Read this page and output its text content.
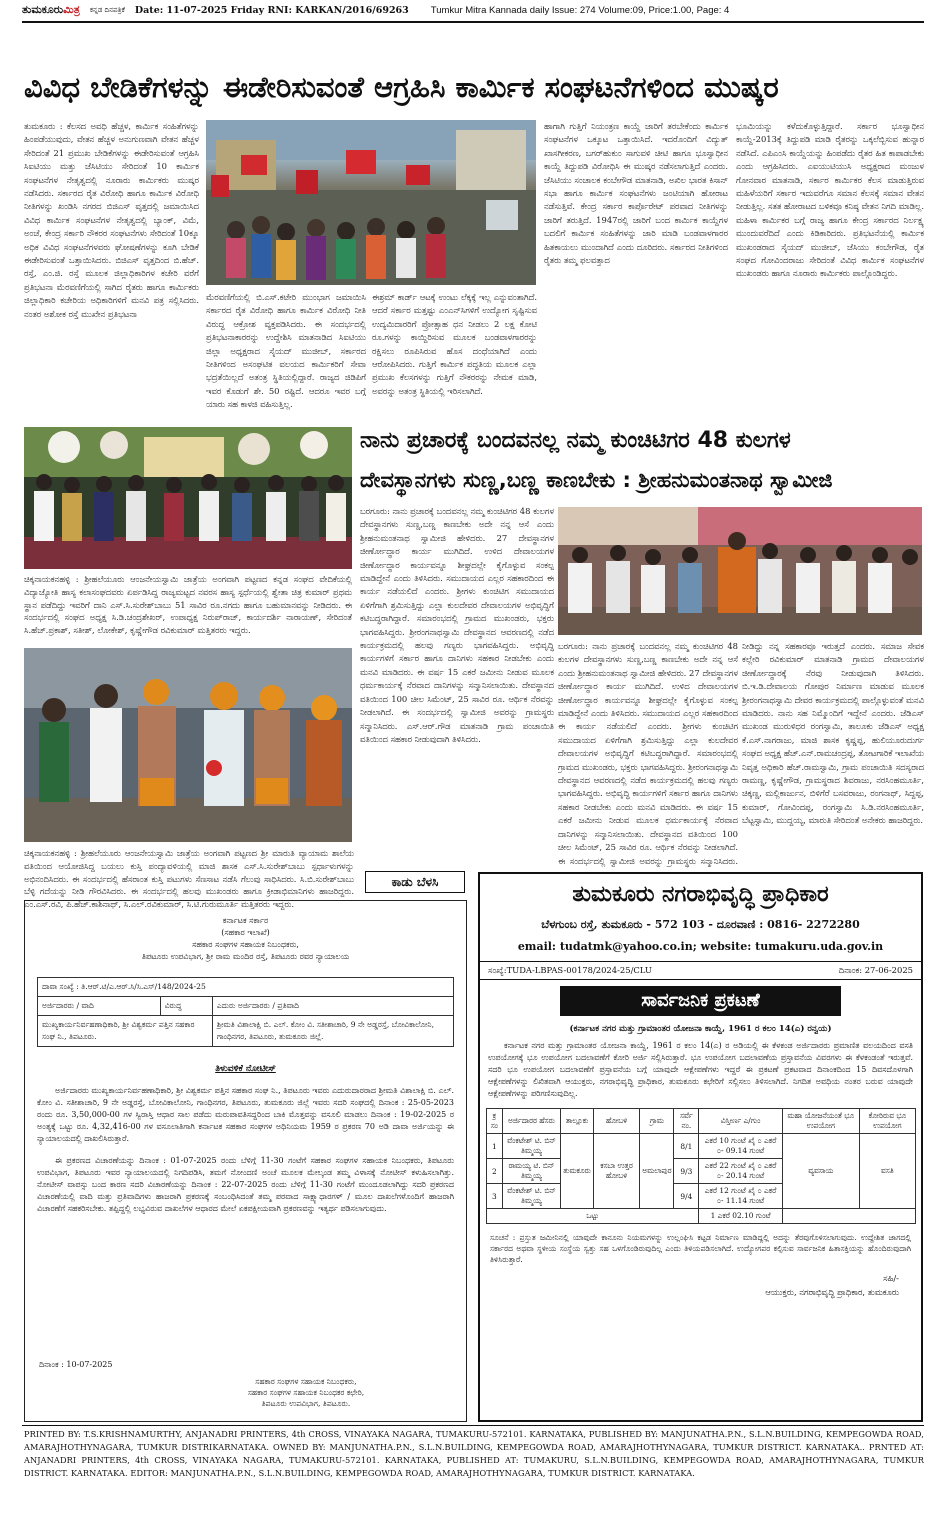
ತುಮಕೂರುಮಿತ್ರ ಕನ್ನಡ ದಿನಪತ್ರಿಕೆ Date: 11-07-2025 Friday RNI: KARKAN/2016/69263 Tumkur Mitra Kannada daily Issue: 274 Volume:09, Price:1.00, Page: 4
ವಿವಿಧ ಬೇಡಿಕೆಗಳನ್ನು ಈಡೇರಿಸುವಂತೆ ಆಗ್ರಹಿಸಿ ಕಾರ್ಮಿಕ ಸಂಘಟನೆಗಳಿಂದ ಮುಷ್ಕರ
ತುಮಕೂರು : ಕೆಲಸದ ಅವಧಿ ಹೆಚ್ಚಳ, ಕಾರ್ಮಿಕ ಸಂಹಿತೆಗಳನ್ನು ಹಿಂಪಡೆಯುವುದು, ವೇತನ ಹೆಚ್ಚಳ ಅನುಗುಣವಾಗಿ ವೇತನ ಹೆಚ್ಚಳ ಸೇರಿದಂತೆ 21 ಪ್ರಮುಖ ಬೇಡಿಕೆಗಳನ್ನು ಈಡೇರಿಸುವಂತೆ ಆಗ್ರಹಿಸಿ ಸಿಐಟಿಯು ಮತ್ತು ಜೆಸಿಟಿಯು ಸೇರಿದಂತೆ 10 ಕಾರ್ಮಿಕ ಸಂಘಟನೆಗಳ ನೇತೃತ್ವದಲ್ಲಿ ನೂರಾರು ಕಾರ್ಮಿಕರು ಮುಷ್ಕರ ನಡೆಸಿದರು. ಸರ್ಕಾರದ ರೈತ ವಿರೋಧಿ ಹಾಗೂ ಕಾರ್ಮಿಕ ವಿರೋಧಿ ನೀತಿಗಳನ್ನು ಖಂಡಿಸಿ ನಗರದ ಬಿಜಿಎಸ್ ವೃತ್ತದಲ್ಲಿ ಜಮಾಯಿಸಿದ ವಿವಿಧ ಕಾರ್ಮಿಕ ಸಂಘಟನೆಗಳ ನೇತೃತ್ವದಲ್ಲಿ ಬ್ಯಾಂಕ್, ವಿಮೆ, ಅಂಚೆ, ಕೇಂದ್ರ ಸರ್ಕಾರಿ ನೌಕರರ ಸಂಘಟನೆಗಳು ಸೇರಿದಂತೆ 10ಕ್ಕೂ ಅಧಿಕ ವಿವಿಧ ಸಂಘಟನೆಗಳವರು ಘೋಷಣೆಗಳನ್ನು ಕೂಗಿ ಬೇಡಿಕೆ ಈಡೇರಿಸುವಂತೆ ಒತ್ತಾಯಿಸಿದರು. ಬಿಜಿಎಸ್ ವೃತ್ತದಿಂದ ಬಿ.ಹೆಚ್. ರಸ್ತೆ, ಎಂ.ಜಿ. ರಸ್ತೆ ಮೂಲಕ ಜಿಲ್ಲಾಧಿಕಾರಿಗಳ ಕಚೇರಿ ವರೆಗೆ ಪ್ರತಿಭಟನಾ ಮೆರವಣಿಗೆಯಲ್ಲಿ ಸಾಗಿದ ರೈತರು ಹಾಗೂ ಕಾರ್ಮಿಕರು ಜಿಲ್ಲಾಧಿಕಾರಿ ಕಚೇರಿಯ ಅಧಿಕಾರಿಗಳಿಗೆ ಮನವಿ ಪತ್ರ ಸಲ್ಲಿಸಿದರು. ನಂತರ ಅಶೋಕ ರಸ್ತೆ ಮುಖೇನ ಪ್ರತಿಭಟನಾ
ಮೆರವಣಿಗೆಯಲ್ಲಿ ಬಿ.ಎಸ್.ಕಟೇರಿ ಮುಂಭಾಗ ಜಮಾಯಿಸಿ ಸರ್ಕಾರದ ರೈತ ವಿರೋಧಿ ಹಾಗೂ ಕಾರ್ಮಿಕ ವಿರೋಧಿ ನೀತಿ ವಿರುದ್ಧ ಆಕ್ರೋಶ ವ್ಯಕ್ತಪಡಿಸಿದರು. ಈ ಸಂದರ್ಭದಲ್ಲಿ ಪ್ರತಿಭಟನಾಕಾರರನ್ನು ಉದ್ದೇಶಿಸಿ ಮಾತನಾಡಿದ ಸಿಐಟಿಯು ಜಿಲ್ಲಾ ಅಧ್ಯಕ್ಷರಾದ ಸೈಯದ್ ಮುಜೀಬ್, ಸರ್ಕಾರದ ನೀತಿಗಳಿಂದ ಅಸಂಘಟಿತ ವಲಯದ ಕಾರ್ಮಿಕರಿಗೆ ಸೇವಾ ಭದ್ರತೆಯಿಲ್ಲದೆ ಅತಂತ್ರ ಸ್ಥಿತಿಯಲ್ಲಿದ್ದಾರೆ. ರಾಜ್ಯದ ಜಿಡಿಪಿಗೆ ಇವರ ಕೊಡುಗೆ ಶೇ. 50 ರಷ್ಟಿದೆ. ಆದರೂ ಇವರ ಬಗ್ಗೆ ಯಾರು ಸಹ ಕಾಳಜಿ ವಹಿಸುತ್ತಿಲ್ಲ.
ಈಶ್ರಮ್ ಕಾರ್ಡ್ ಆಟಕ್ಕೆ ಉಂಟು ಲೆಕ್ಕಕ್ಕೆ ಇಲ್ಲ ಎನ್ನುವಂತಾಗಿದೆ. ಆದರೆ ಸರ್ಕಾರ ಮತ್ತಷ್ಟು ಎಂಎನ್‌ಸಿಗಳಿಗೆ ಉದ್ಯೋಗ ಸೃಷ್ಟಿಸುವ ಉದ್ಯಮಿದಾರರಿಗೆ ಪ್ರೋತ್ಸಾಹ ಧನ ನೀಡಲು 2 ಲಕ್ಷ ಕೋಟಿ ರೂ.ಗಳನ್ನು ಕಾಯ್ದಿರಿಸುವ ಮೂಲಕ ಬಂಡವಾಳಗಾರರನ್ನು ರಕ್ಷಿಸಲು ರೂಪಿಸಿರುವ ಹೊಸ ದಂಧೆಯಾಗಿದೆ ಎಂದು ಆರೋಪಿಸಿದರು. ಗುತ್ತಿಗೆ ಕಾರ್ಮಿಕ ಪದ್ಧತಿಯ ಮೂಲಕ ಎಲ್ಲಾ ಪ್ರಮುಖ ಕೆಲಸಗಳನ್ನು ಗುತ್ತಿಗೆ ನೌಕರರನ್ನು ನೇಮಕ ಮಾಡಿ, ಅವರನ್ನು ಅತಂತ್ರ ಸ್ಥಿತಿಯಲ್ಲಿ ಇರಿಸಲಾಗಿದೆ.
ಹಾಗಾಗಿ ಗುತ್ತಿಗೆ ನಿಯಂತ್ರಣ ಕಾಯ್ದೆ ಜಾರಿಗೆ ತರಬೇಕೆಂದು ಕಾರ್ಮಿಕ ಸಂಘಟನೆಗಳ ಒಕ್ಕೂಟ ಒತ್ತಾಯಿಸಿದೆ. ಇದರೊಂದಿಗೆ ವಿದ್ಯುತ್ ಖಾಸಗೀಕರಣ, ಬಗರ್‌ಹುಕುಂ ಸಾಗುವಳಿ ಚೀಟಿ ಹಾಗೂ ಭೂಸ್ವಾಧೀನ ಕಾಯ್ದೆ ತಿದ್ದುಪಡಿ ವಿರೋಧಿಸಿ ಈ ಮುಷ್ಕರ ನಡೆಸಲಾಗುತ್ತಿದೆ ಎಂದರು. ಜೆಸಿಟಿಯು ಸಂಚಾಲಕ ಕಂಬೇಗೌಡ ಮಾತನಾಡಿ, ಅಖಿಲ ಭಾರತ ಕಿಸಾನ್ ಸಭಾ ಹಾಗೂ ಕಾರ್ಮಿಕ ಸಂಘಟನೆಗಳು ಜಂಟಿಯಾಗಿ ಹೋರಾಟ ನಡೆಸುತ್ತಿವೆ. ಕೇಂದ್ರ ಸರ್ಕಾರ ಕಾರ್ಪೊರೇಟ್ ಪರವಾದ ನೀತಿಗಳನ್ನು ಜಾರಿಗೆ ತರುತ್ತಿದೆ. 1947ರಲ್ಲಿ ಜಾರಿಗೆ ಬಂದ ಕಾರ್ಮಿಕ ಕಾಯ್ದೆಗಳ ಬದಲಿಗೆ ಕಾರ್ಮಿಕ ಸಂಹಿತೆಗಳನ್ನು ಜಾರಿ ಮಾಡಿ ಬಂಡವಾಳಗಾರರ ಹಿತಕಾಯಲು ಮುಂದಾಗಿದೆ ಎಂದು ದೂರಿದರು. ಸರ್ಕಾರದ ನೀತಿಗಳಿಂದ ರೈತರು ತಮ್ಮ ಫಲವತ್ತಾದ
ಭೂಮಿಯನ್ನು ಕಳೆದುಕೊಳ್ಳುತ್ತಿದ್ದಾರೆ. ಸರ್ಕಾರ ಭೂಸ್ವಾಧೀನ ಕಾಯ್ದೆ-2013ಕ್ಕೆ ತಿದ್ದುಪಡಿ ಮಾಡಿ ರೈತರನ್ನು ಒಕ್ಕಲೆಬ್ಬಿಸುವ ಹುನ್ನಾರ ನಡೆಸಿದೆ. ಎಪಿಎಂಸಿ ಕಾಯ್ದೆಯನ್ನು ಹಿಂಪಡೆದು ರೈತರ ಹಿತ ಕಾಪಾಡಬೇಕು ಎಂದು ಆಗ್ರಹಿಸಿದರು. ಎಐಯುಟಿಯುಸಿ ಅಧ್ಯಕ್ಷರಾದ ಮಂಜುಳ ಗೋನವಾರ ಮಾತನಾಡಿ, ಸರ್ಕಾರ ಕಾರ್ಮಿಕರ ಕೆಲಸ ಮಾಡುತ್ತಿರುವ ಮಹಿಳೆಯರಿಗೆ ಸರ್ಕಾರ ಇದುವರೆಗೂ ಸಮಾನ ಕೆಲಸಕ್ಕೆ ಸಮಾನ ವೇತನ ನೀಡುತ್ತಿಲ್ಲ. ಸತತ ಹೋರಾಟದ ಬಳಿಕವೂ ಕನಿಷ್ಠ ವೇತನ ನಿಗದಿ ಮಾಡಿಲ್ಲ. ಮಹಿಳಾ ಕಾರ್ಮಿಕರ ಬಗ್ಗೆ ರಾಜ್ಯ ಹಾಗೂ ಕೇಂದ್ರ ಸರ್ಕಾರದ ನಿರ್ಲಕ್ಷ್ಯ ಮುಂದುವರೆದಿದೆ ಎಂದು ಕಿಡಿಕಾರಿದರು. ಪ್ರತಿಭಟನೆಯಲ್ಲಿ ಕಾರ್ಮಿಕ ಮುಖಂಡರಾದ ಸೈಯದ್ ಮುಜೀಬ್, ಜೆಸಿಯು ಕಂಬೇಗೌಡ, ರೈತ ಸಂಘದ ಗೋವಿಂದರಾಜು ಸೇರಿದಂತೆ ವಿವಿಧ ಕಾರ್ಮಿಕ ಸಂಘಟನೆಗಳ ಮುಖಂಡರು ಹಾಗೂ ನೂರಾರು ಕಾರ್ಮಿಕರು ಪಾಲ್ಗೊಂಡಿದ್ದರು.
ಚಿಕ್ಕನಾಯಕನಹಳ್ಳಿ : ಶ್ರೀಹಲೆಯೂರು ಆಂಜನೇಯಸ್ವಾಮಿ ಜಾತ್ರೆಯ ಅಂಗವಾಗಿ ಪಟ್ಟಣದ ಕನ್ನಡ ಸಂಘದ ವೇದಿಕೆಯಲ್ಲಿ ವಿದ್ಯಾಜ್ಯೋತಿ ಹಾಸ್ಯ ಕಲಾಸಂಘದವರು ಏರ್ಪಡಿಸಿದ್ದ ರಾಜ್ಯಮಟ್ಟದ ನವರಸ ಹಾಸ್ಯ ಸ್ಪರ್ಧೆಯಲ್ಲಿ ಶ್ವೇತಾ ಚಿತ್ರ ಕುಮಾರ್ ಪ್ರಥಮ ಸ್ಥಾನ ಪಡೆದಿದ್ದು ಇವರಿಗೆ ದಾನಿ ಎಸ್.ಸಿ.ಸುರೇಶ್‌ಬಾಬು 51 ಸಾವಿರ ರೂ.ನಗದು ಹಾಗೂ ಬಹುಮಾನವನ್ನು ನೀಡಿದರು. ಈ ಸಂದರ್ಭದಲ್ಲಿ ಸಂಘದ ಅಧ್ಯಕ್ಷ ಸಿ.ಡಿ.ಚಂದ್ರಶೇಖರ್, ಉಪಾಧ್ಯಕ್ಷ ನಿರುಪ್‌ರಾಜ್, ಕಾರ್ಯದರ್ಶಿ ನಾರಾಯಣ್, ಸೇರಿದಂತೆ ಸಿ.ಹೆಚ್.ಪ್ರಕಾಶ್, ಸತೀಶ್, ಲೋಕೇಶ್, ಕೃಷ್ಣೇಗೌಡ ರವಿಕುಮಾರ್ ಮತ್ತಿತರರು ಇದ್ದರು.
ಚಿಕ್ಕನಾಯಕನಹಳ್ಳಿ : ಶ್ರೀಹಲೆಯೂರು ಆಂಜನೇಯಸ್ವಾಮಿ ಜಾತ್ರೆಯ ಅಂಗವಾಗಿ ಪಟ್ಟಣದ ಶ್ರೀ ಮಾರುತಿ ವ್ಯಾಯಾಮ ಶಾಲೆಯ ವತಿಯಿಂದ ಆಯೋಜಿಸಿದ್ದ ಬಯಲು ಕುಸ್ತಿ ಪಂದ್ಯಾವಳಿಯಲ್ಲಿ ಮಾಜಿ ಶಾಸಕ ಎಸ್.ಸಿ.ಸುರೇಶ್‌ಬಾಬು ಸ್ಪರ್ಧಾಳುಗಳನ್ನು ಅಭಿನಂದಿಸಿದರು. ಈ ಸಂದರ್ಭದಲ್ಲಿ ಹೆಸರಾಂತ ಕುಸ್ತಿ ಪಟುಗಳು ಸೆಣಸಾಟ ನಡೆಸಿ ಗೆಲುವು ಸಾಧಿಸಿದರು. ಸಿ.ಬಿ.ಸುರೇಶ್‌ಬಾಬು ಬೆಳ್ಳಿ ಗದೆಯನ್ನು ನೀಡಿ ಗೌರವಿಸಿದರು. ಈ ಸಂದರ್ಭದಲ್ಲಿ ಹಲವು ಮುಖಂಡರು ಹಾಗೂ ಕ್ರೀಡಾಭಿಮಾನಿಗಳು ಹಾಜರಿದ್ದರು. ಎಂ.ಎಸ್.ರವಿ, ಪಿ.ಹೆಚ್.ಕಾಶಿನಾಥ್, ಸಿ.ಎಲ್.ರವಿಕುಮಾರ್, ಸಿ.ಟಿ.ಗುರುಮೂರ್ತಿ ಮತ್ತಿತರರು ಇದ್ದರು.
ನಾನು ಪ್ರಚಾರಕ್ಕೆ ಬಂದವನಲ್ಲ ನಮ್ಮ ಕುಂಚಿಟಿಗರ 48 ಕುಲಗಳ
ದೇವಸ್ಥಾನಗಳು ಸುಣ್ಣ,ಬಣ್ಣ ಕಾಣಬೇಕು : ಶ್ರೀಹನುಮಂತನಾಥ ಸ್ವಾಮೀಜಿ
ಬರಗೂರು: ನಾನು ಪ್ರಚಾರಕ್ಕೆ ಬಂದವನಲ್ಲ ನಮ್ಮ ಕುಂಚಿಟಿಗರ 48 ಕುಲಗಳ ದೇವಸ್ಥಾನಗಳು ಸುಣ್ಣ,ಬಣ್ಣ ಕಾಣಬೇಕು ಅದೇ ನನ್ನ ಆಸೆ ಎಂದು ಶ್ರೀಹನುಮಂತನಾಥ ಸ್ವಾಮೀಜಿ ಹೇಳಿದರು. 27 ದೇವಸ್ಥಾನಗಳ ಜೀರ್ಣೋದ್ಧಾರ ಕಾರ್ಯ ಮುಗಿದಿದೆ. ಉಳಿದ ದೇವಾಲಯಗಳ ಜೀರ್ಣೋದ್ಧಾರ ಕಾರ್ಯವನ್ನೂ ಶೀಘ್ರದಲ್ಲೇ ಕೈಗೊಳ್ಳುವ ಸಂಕಲ್ಪ ಮಾಡಿದ್ದೇನೆ ಎಂದು ತಿಳಿಸಿದರು. ಸಮುದಾಯದ ಎಲ್ಲರ ಸಹಕಾರದಿಂದ ಈ ಕಾರ್ಯ ನಡೆಯಲಿದೆ ಎಂದರು. ಶ್ರೀಗಳು ಕುಂಚಿಟಿಗ ಸಮುದಾಯದ ಏಳಿಗೆಗಾಗಿ ಶ್ರಮಿಸುತ್ತಿದ್ದು ಎಲ್ಲಾ ಕುಲದೇವರ ದೇವಾಲಯಗಳ ಅಭಿವೃದ್ಧಿಗೆ ಕಟಿಬದ್ಧರಾಗಿದ್ದಾರೆ. ಸಮಾರಂಭದಲ್ಲಿ ಗ್ರಾಮದ ಮುಖಂಡರು, ಭಕ್ತರು ಭಾಗವಹಿಸಿದ್ದರು. ಶ್ರೀರಂಗನಾಥಸ್ವಾಮಿ ದೇವಸ್ಥಾನದ ಆವರಣದಲ್ಲಿ ನಡೆದ ಕಾರ್ಯಕ್ರಮದಲ್ಲಿ ಹಲವು ಗಣ್ಯರು ಭಾಗವಹಿಸಿದ್ದರು. ಅಭಿವೃದ್ಧಿ ಕಾರ್ಯಗಳಿಗೆ ಸರ್ಕಾರ ಹಾಗೂ ದಾನಿಗಳು ಸಹಕಾರ ನೀಡಬೇಕು ಎಂದು ಮನವಿ ಮಾಡಿದರು. ಈ ವರ್ಷ 15 ಎಕರೆ ಜಮೀನು ನೀಡುವ ಮೂಲಕ ಧರ್ಮಕಾರ್ಯಕ್ಕೆ ನೆರವಾದ ದಾನಿಗಳನ್ನು ಸನ್ಮಾನಿಸಲಾಯಿತು. ದೇವಸ್ಥಾನದ ವತಿಯಿಂದ 100 ಚೀಲ ಸಿಮೆಂಟ್, 25 ಸಾವಿರ ರೂ. ಆರ್ಥಿಕ ನೆರವನ್ನು ನೀಡಲಾಗಿದೆ. ಈ ಸಂದರ್ಭದಲ್ಲಿ ಸ್ವಾಮೀಜಿ ಅವರನ್ನು ಗ್ರಾಮಸ್ಥರು ಸನ್ಮಾನಿಸಿದರು. ಎಸ್.ಆರ್.ಗೌಡ ಮಾತನಾಡಿ ಗ್ರಾಮ ಪಂಚಾಯಿತಿ ವತಿಯಿಂದ ಸಹಕಾರ ನೀಡುವುದಾಗಿ ತಿಳಿಸಿದರು.
ಬರಗೂರು: ನಾನು ಪ್ರಚಾರಕ್ಕೆ ಬಂದವನಲ್ಲ ನಮ್ಮ ಕುಂಚಿಟಿಗರ 48 ಕುಲಗಳ ದೇವಸ್ಥಾನಗಳು ಸುಣ್ಣ,ಬಣ್ಣ ಕಾಣಬೇಕು ಅದೇ ನನ್ನ ಆಸೆ ಎಂದು ಶ್ರೀಹನುಮಂತನಾಥ ಸ್ವಾಮೀಜಿ ಹೇಳಿದರು. 27 ದೇವಸ್ಥಾನಗಳ ಜೀರ್ಣೋದ್ಧಾರ ಕಾರ್ಯ ಮುಗಿದಿದೆ. ಉಳಿದ ದೇವಾಲಯಗಳ ಜೀರ್ಣೋದ್ಧಾರ ಕಾರ್ಯವನ್ನೂ ಶೀಘ್ರದಲ್ಲೇ ಕೈಗೊಳ್ಳುವ ಸಂಕಲ್ಪ ಮಾಡಿದ್ದೇನೆ ಎಂದು ತಿಳಿಸಿದರು. ಸಮುದಾಯದ ಎಲ್ಲರ ಸಹಕಾರದಿಂದ ಈ ಕಾರ್ಯ ನಡೆಯಲಿದೆ ಎಂದರು. ಶ್ರೀಗಳು ಕುಂಚಿಟಿಗ ಸಮುದಾಯದ ಏಳಿಗೆಗಾಗಿ ಶ್ರಮಿಸುತ್ತಿದ್ದು ಎಲ್ಲಾ ಕುಲದೇವರ ದೇವಾಲಯಗಳ ಅಭಿವೃದ್ಧಿಗೆ ಕಟಿಬದ್ಧರಾಗಿದ್ದಾರೆ. ಸಮಾರಂಭದಲ್ಲಿ ಗ್ರಾಮದ ಮುಖಂಡರು, ಭಕ್ತರು ಭಾಗವಹಿಸಿದ್ದರು. ಶ್ರೀರಂಗನಾಥಸ್ವಾಮಿ ದೇವಸ್ಥಾನದ ಆವರಣದಲ್ಲಿ ನಡೆದ ಕಾರ್ಯಕ್ರಮದಲ್ಲಿ ಹಲವು ಗಣ್ಯರು ಭಾಗವಹಿಸಿದ್ದರು. ಅಭಿವೃದ್ಧಿ ಕಾರ್ಯಗಳಿಗೆ ಸರ್ಕಾರ ಹಾಗೂ ದಾನಿಗಳು ಸಹಕಾರ ನೀಡಬೇಕು ಎಂದು ಮನವಿ ಮಾಡಿದರು. ಈ ವರ್ಷ 15 ಎಕರೆ ಜಮೀನು ನೀಡುವ ಮೂಲಕ ಧರ್ಮಕಾರ್ಯಕ್ಕೆ ನೆರವಾದ ದಾನಿಗಳನ್ನು ಸನ್ಮಾನಿಸಲಾಯಿತು. ದೇವಸ್ಥಾನದ ವತಿಯಿಂದ 100 ಚೀಲ ಸಿಮೆಂಟ್, 25 ಸಾವಿರ ರೂ. ಆರ್ಥಿಕ ನೆರವನ್ನು ನೀಡಲಾಗಿದೆ. ಈ ಸಂದರ್ಭದಲ್ಲಿ ಸ್ವಾಮೀಜಿ ಅವರನ್ನು ಗ್ರಾಮಸ್ಥರು ಸನ್ಮಾನಿಸಿದರು.
ನೀಡಿದ್ದು ನನ್ನ ಸಹಕಾರವೂ ಇರುತ್ತದೆ ಎಂದರು. ಸಮಾಜ ಸೇವಕ ಕಲ್ಲೇರಿ ರವಿಕುಮಾರ್ ಮಾತನಾಡಿ ಗ್ರಾಮದ ದೇವಾಲಯಗಳ ಜೀರ್ಣೋದ್ಧಾರಕ್ಕೆ ನೆರವು ನೀಡುವುದಾಗಿ ತಿಳಿಸಿದರು. ಬಿ.ಇ.ಡಿ.ದೇವಾಲಯ ಗೋಪುರ ನಿರ್ಮಾಣ ಮಾಡುವ ಮೂಲಕ ಶ್ರೀರಂಗನಾಥಸ್ವಾಮಿ ದೇವರ ಕಾರ್ಯಕ್ರಮದಲ್ಲಿ ಪಾಲ್ಗೊಳ್ಳುವಂತೆ ಮನವಿ ಮಾಡಿದರು. ನಾನು ಸಹ ನಿಮ್ಮೊಂದಿಗೆ ಇದ್ದೇನೆ ಎಂದರು. ಜೆಡಿಎಸ್ ಮುಖಂಡ ಮುರುಳಿಧರ ರಂಗಸ್ವಾಮಿ, ತಾಲೂಕು ಜೆಡಿಎಸ್ ಅಧ್ಯಕ್ಷ ಕೆ.ಎಸ್.ನಾಗರಾಜು, ಮಾಜಿ ಶಾಸಕ ಕೃಷ್ಣಪ್ಪ, ಹುಲಿಯೂರುದುರ್ಗ ಸಂಘದ ಅಧ್ಯಕ್ಷ ಹೆಚ್.ಎನ್.ರಾಮಚಂದ್ರಪ್ಪ, ತೋಟಗಾರಿಕೆ ಇಲಾಖೆಯ ನಿವೃತ್ತ ಅಧಿಕಾರಿ ಹೆಚ್.ರಾಮಸ್ವಾಮಿ, ಗ್ರಾಮ ಪಂಚಾಯಿತಿ ಸದಸ್ಯರಾದ ರಾಮಣ್ಣ, ಕೃಷ್ಣೇಗೌಡ, ಗ್ರಾಮಸ್ಥರಾದ ಶಿವರಾಜು, ನರಸಿಂಹಮೂರ್ತಿ, ಚಿಕ್ಕಣ್ಣ, ಮಲ್ಲಿಕಾರ್ಜುನ, ಬಿಳಿಗೆರೆ ಬಸವರಾಜು, ರಂಗನಾಥ್, ಸಿದ್ದಪ್ಪ, ಕುಮಾರ್, ಗೋವಿಂದಪ್ಪ, ರಂಗಸ್ವಾಮಿ ಸಿ.ಡಿ.ನರಸಿಂಹಮೂರ್ತಿ, ಬೆಟ್ಟಸ್ವಾಮಿ, ಮುದ್ದಯ್ಯ, ಮಾರುತಿ ಸೇರಿದಂತೆ ಅನೇಕರು ಹಾಜರಿದ್ದರು.
ಕಾಡು ಬೆಳಸಿ
ಕರ್ನಾಟಕ ಸರ್ಕಾರ
(ಸಹಕಾರ ಇಲಾಖೆ)
ಸಹಕಾರ ಸಂಘಗಳ ಸಹಾಯಕ ನಿಬಂಧಕರು,
ತಿಪಟೂರು ಉಪವಿಭಾಗ, ಶ್ರೀ ರಾಮ ಮಂದಿರ ರಸ್ತೆ, ತಿಪಟೂರು ರವರ ನ್ಯಾಯಾಲಯ
ದಾವಾ ಸಂಖ್ಯೆ : ತಿ.ಆರ್.ಟಿ/ಎ.ಆರ್.ಸಿ/ಸಿ.ಎಸ್/148/2024-25		
ಅರ್ಜಿದಾರರು / ವಾದಿ	ವಿರುದ್ಧ	ಎದುರು ಅರ್ಜಿದಾರರು / ಪ್ರತಿವಾದಿ
ಮುಖ್ಯಕಾರ್ಯನಿರ್ವಹಣಾಧಿಕಾರಿ, ಶ್ರೀ ವಿಶ್ವಕರ್ಮ ಪತ್ತಿನ ಸಹಕಾರ ಸಂಘ ನಿ., ತಿಪಟೂರು.		ಶ್ರೀಮತಿ ವಿಶಾಲಾಕ್ಷಿ ಬಿ. ಎಲ್. ಕೋಂ ವಿ. ಸತೀಶಾಚಾರಿ, 9 ನೇ ಅಡ್ಡರಸ್ತೆ, ಬೋವಿಕಾಲೋನಿ, ಗಾಂಧಿನಗರ, ತಿಪಟೂರು, ತುಮಕೂರು ಜಿಲ್ಲೆ.
ತಿಳುವಳಿಕೆ ನೋಟೀಸ್

ಅರ್ಜಿದಾರರು ಮುಖ್ಯಕಾರ್ಯನಿರ್ವಹಣಾಧಿಕಾರಿ, ಶ್ರೀ ವಿಶ್ವಕರ್ಮ ಪತ್ತಿನ ಸಹಕಾರ ಸಂಘ ನಿ., ತಿಪಟೂರು ಇವರು ಎದುರುದಾರರಾದ ಶ್ರೀಮತಿ ವಿಶಾಲಾಕ್ಷಿ ಬಿ. ಎಲ್. ಕೋಂ ವಿ. ಸತೀಶಾಚಾರಿ, 9 ನೇ ಅಡ್ಡರಸ್ತೆ, ಬೋವಿಕಾಲೋನಿ, ಗಾಂಧಿನಗರ, ತಿಪಟೂರು, ತುಮಕೂರು ಜಿಲ್ಲೆ ಇವರು ಸದರಿ ಸಂಘದಲ್ಲಿ ದಿನಾಂಕ : 25-05-2023 ರಂದು ರೂ. 3,50,000-00 ಗಳ ಸ್ವಿರಾಸ್ತಿ ಆಧಾರ ಸಾಲ ಪಡೆದು ಮರುಪಾವತಿಸದ್ದರಿಂದ ಬಾಕಿ ಮೊತ್ತವನ್ನು ವಸೂಲಿ ಮಾಡಲು ದಿನಾಂಕ : 19-02-2025 ರ ಅಂತ್ಯಕ್ಕೆ ಒಟ್ಟು ರೂ. 4,32,416-00 ಗಳ ವಸೂಲಾತಿಗಾಗಿ ಕರ್ನಾಟಕ ಸಹಕಾರ ಸಂಘಗಳ ಅಧಿನಿಯಮ 1959 ರ ಪ್ರಕರಣ 70 ಅಡಿ ದಾವಾ ಅರ್ಜಿಯನ್ನು ಈ ನ್ಯಾಯಾಲಯದಲ್ಲಿ ದಾಖಲಿಸಿರುತ್ತಾರೆ.

ಈ ಪ್ರಕರಣದ ವಿಚಾರಣೆಯನ್ನು ದಿನಾಂಕ : 01-07-2025 ರಂದು ಬೆಳಿಗ್ಗೆ 11-30 ಗಂಟೆಗೆ ಸಹಕಾರ ಸಂಘಗಳ ಸಹಾಯಕ ನಿಬಂಧಕರು, ತಿಪಟೂರು ಉಪವಿಭಾಗ, ತಿಪಟೂರು ಇವರ ನ್ಯಾಯಾಲಯದಲ್ಲಿ ನಿಗದಿಪಡಿಸಿ, ತಮಗೆ ನೋಂದಣಿ ಅಂಚೆ ಮೂಲಕ ಮೇಲ್ಕಂಡ ತಮ್ಮ ವಿಳಾಸಕ್ಕೆ ನೋಟೀಸ್ ಕಳುಹಿಸಲಾಗಿತ್ತು. ನೋಟೀಸ್ ವಾಪಸ್ಸು ಬಂದ ಕಾರಣ ಸದರಿ ವಿಚಾರಣೆಯನ್ನು ದಿನಾಂಕ : 22-07-2025 ರಂದು ಬೆಳಿಗ್ಗೆ 11-30 ಗಂಟೆಗೆ ಮುಂದೂಡಲಾಗಿದ್ದು ಸದರಿ ಪ್ರಕರಣದ ವಿಚಾರಣೆಯಲ್ಲಿ ವಾದಿ ಮತ್ತು ಪ್ರತಿವಾದಿಗಳು ಹಾಜರಾಗಿ ಪ್ರಕರಣಕ್ಕೆ ಸಂಬಂಧಿಸಿದಂತೆ ತಮ್ಮ ಪರವಾದ ಸಾಕ್ಷ್ಯಾಧಾರಗಳ್ / ಮೂಲ ದಾಖಲೆಗಳೊಂದಿಗೆ ಹಾಜರಾಗಿ ವಿಚಾರಣೆಗೆ ಸಹಕರಿಸಬೇಕು. ತಪ್ಪಿದ್ದಲ್ಲಿ ಲಭ್ಯವಿರುವ ದಾಖಲೆಗಳ ಆಧಾರದ ಮೇಲೆ ಏಕಪಕ್ಷೀಯವಾಗಿ ಪ್ರಕರಣವನ್ನು ಇತ್ಯರ್ಥ ಪಡಿಸಲಾಗುವುದು.

ದಿನಾಂಕ : 10-07-2025
ಸಹಕಾರ ಸಂಘಗಳ ಸಹಾಯಕ ನಿಬಂಧಕರು,
ಸಹಕಾರ ಸಂಘಗಳ ಸಹಾಯಕ ನಿಬಂಧಕರ ಕಛೇರಿ,
ತಿಪಟೂರು ಉಪವಿಭಾಗ, ತಿಪಟೂರು.
ತುಮಕೂರು ನಗರಾಭಿವೃದ್ಧಿ ಪ್ರಾಧಿಕಾರ
ಬೆಳಗುಂಬ ರಸ್ತೆ, ತುಮಕೂರು - 572 103 - ದೂರವಾಣಿ : 0816- 2272280
email: tudatmk@yahoo.co.in; website: tumakuru.uda.gov.in
ಸಂಖ್ಯೆ:TUDA-LBPAS-00178/2024-25/CLU	ದಿನಾಂಕ: 27-06-2025
ಸಾರ್ವಜನಿಕ ಪ್ರಕಟಣೆ
(ಕರ್ನಾಟಕ ನಗರ ಮತ್ತು ಗ್ರಾಮಾಂತರ ಯೋಜನಾ ಕಾಯ್ದೆ, 1961 ರ ಕಲಂ 14(ಎ) ರನ್ವಯ)
ಕರ್ನಾಟಕ ನಗರ ಮತ್ತು ಗ್ರಾಮಾಂತರ ಯೋಜನಾ ಕಾಯ್ದೆ, 1961 ರ ಕಲಂ 14(ಎ) ರ ಅಡಿಯಲ್ಲಿ ಈ ಕೆಳಕಂಡ ಅರ್ಜಿದಾರರು ಪ್ರಮಾಣಿತ ವಲಯದಿಂದ ವಸತಿ ಉಪಯೋಗಕ್ಕೆ ಭೂ ಉಪಯೋಗ ಬದಲಾವಣೆಗೆ ಕೋರಿ ಅರ್ಜಿ ಸಲ್ಲಿಸಿರುತ್ತಾರೆ. ಭೂ ಉಪಯೋಗ ಬದಲಾವಣೆಯ ಪ್ರಸ್ತಾವನೆಯ ವಿವರಗಳು ಈ ಕೆಳಕಂಡಂತೆ ಇರುತ್ತವೆ. ಸದರಿ ಭೂ ಉಪಯೋಗ ಬದಲಾವಣೆಗೆ ಪ್ರಸ್ತಾವನೆಯ ಬಗ್ಗೆ ಯಾವುದೇ ಆಕ್ಷೇಪಣೆಗಳು ಇದ್ದರೆ ಈ ಪ್ರಕಟಣೆ ಪ್ರಕಟವಾದ ದಿನಾಂಕದಿಂದ 15 ದಿವಸದೊಳಗಾಗಿ ಆಕ್ಷೇಪಣೆಗಳನ್ನು ಲಿಖಿತವಾಗಿ ಆಯುಕ್ತರು, ನಗರಾಭಿವೃದ್ಧಿ ಪ್ರಾಧಿಕಾರ, ತುಮಕೂರು ಕಛೇರಿಗೆ ಸಲ್ಲಿಸಲು ತಿಳಿಸಲಾಗಿದೆ. ನಿಗದಿತ ಅವಧಿಯ ನಂತರ ಬರುವ ಯಾವುದೇ ಆಕ್ಷೇಪಣೆಗಳನ್ನು ಪರಿಗಣಿಸುವುದಿಲ್ಲ.
ಕ್ರ ಸಂ	ಅರ್ಜಿದಾರರ ಹೆಸರು	ತಾಲ್ಲೂಕು	ಹೋಬಳಿ	ಗ್ರಾಮ	ಸರ್ವೆ ನಂ.	ವಿಸ್ತೀರ್ಣ ಎ/ಗುಂ	ಮಹಾ ಯೋಜನೆಯಂತೆ ಭೂ ಉಪಯೋಗ	ಕೋರಿರುವ ಭೂ ಉಪಯೋಗ
1	ವೆಂಕಟೇಶ್ ಟಿ. ಬಿನ್ ತಿಮ್ಮಯ್ಯ	ತುಮಕೂರು	ಕಸಬಾ ಉತ್ತರ ಹೋಬಳಿ	ಅಮಲಾಪುರ	8/1	ಎಕರೆ 10 ಗುಂಟೆ ಖೈ ೦ ಎಕರೆ ೦- 09.14 ಗುಂಟೆ	ವ್ಯವಸಾಯ	ವಸತಿ
2	ರಾಮಯ್ಯ ಟಿ. ಬಿನ್ ತಿಮ್ಮಯ್ಯ				9/3	ಎಕರೆ 22 ಗುಂಟೆ ಖೈ ೦ ಎಕರೆ ೦- 20.14 ಗುಂಟೆ		
3	ವೆಂಕಟೇಶ್ ಟಿ. ಬಿನ್ ತಿಮ್ಮಯ್ಯ				9/4	ಎಕರೆ 12 ಗುಂಟೆ ಖೈ ೦ ಎಕರೆ ೦- 11.14 ಗುಂಟೆ		
ಒಟ್ಟು						1 ಎಕರೆ 02.10 ಗುಂಟೆ		
ಸೂಚನೆ : ಪ್ರಸ್ತುತ ಜಮೀನಿನಲ್ಲಿ ಯಾವುದೇ ಕಾನೂನು ನಿಯಮಗಳನ್ನು ಉಲ್ಲಂಘಿಸಿ ಕಟ್ಟಡ ನಿರ್ಮಾಣ ಮಾಡಿದ್ದಲ್ಲಿ ಅದನ್ನು ತೆರವುಗೊಳಿಸಲಾಗುವುದು. ಉದ್ದೇಶಿತ ಜಾಗದಲ್ಲಿ ಸರ್ಕಾರದ ಅಥವಾ ಸ್ಥಳೀಯ ಸಂಸ್ಥೆಯ ಸ್ವತ್ತು ಸಹ ಒಳಗೊಂಡಿರುವುದಿಲ್ಲ ಎಂದು ತಿಳಿಯಪಡಿಸಲಾಗಿದೆ. ಉದ್ಯೋಗಪರ ಕಲ್ಪಿಸುವ ಸಾರ್ವಜನಿಕ ಹಿತಾಸಕ್ತಿಯನ್ನು ಹೊಂದಿರುವುದಾಗಿ ತಿಳಿಸಿರುತ್ತಾರೆ.
ಸಹಿ/-
ಆಯುಕ್ತರು, ನಗರಾಭಿವೃದ್ಧಿ ಪ್ರಾಧಿಕಾರ, ತುಮಕೂರು
PRINTED BY: T.S.KRISHNAMURTHY, ANJANADRI PRINTERS, 4th CROSS, VINAYAKA NAGARA, TUMAKURU-572101. KARNATAKA, PUBLISHED BY: MANJUNATHA.P.N., S.L.N.BUILDING, KEMPEGOWDA ROAD, AMARAJHOTHYNAGARA, TUMKUR DISTRIKARNATAKA. OWNED BY: MANJUNATHA.P.N., S.L.N.BUILDING, KEMPEGOWDA ROAD, AMARAJHOTHYNAGARA, TUMKUR DISTRICT. KARNATAKA.. PRNTED AT: ANJANADRI PRINTERS, 4th CROSS, VINAYAKA NAGARA, TUMAKURU-572101. KARNATAKA, PUBLISHED AT: TUMAKURU, S.L.N.BUILDING, KEMPEGOWDA ROAD, AMARAJHOTHYNAGARA, TUMKUR DISTRICT. KARNATAKA. EDITOR: MANJUNATHA.P.N., S.L.N.BUILDING, KEMPEGOWDA ROAD, AMARAJHOTHYNAGARA, TUMKUR DISTRICT. KARNATAKA.
